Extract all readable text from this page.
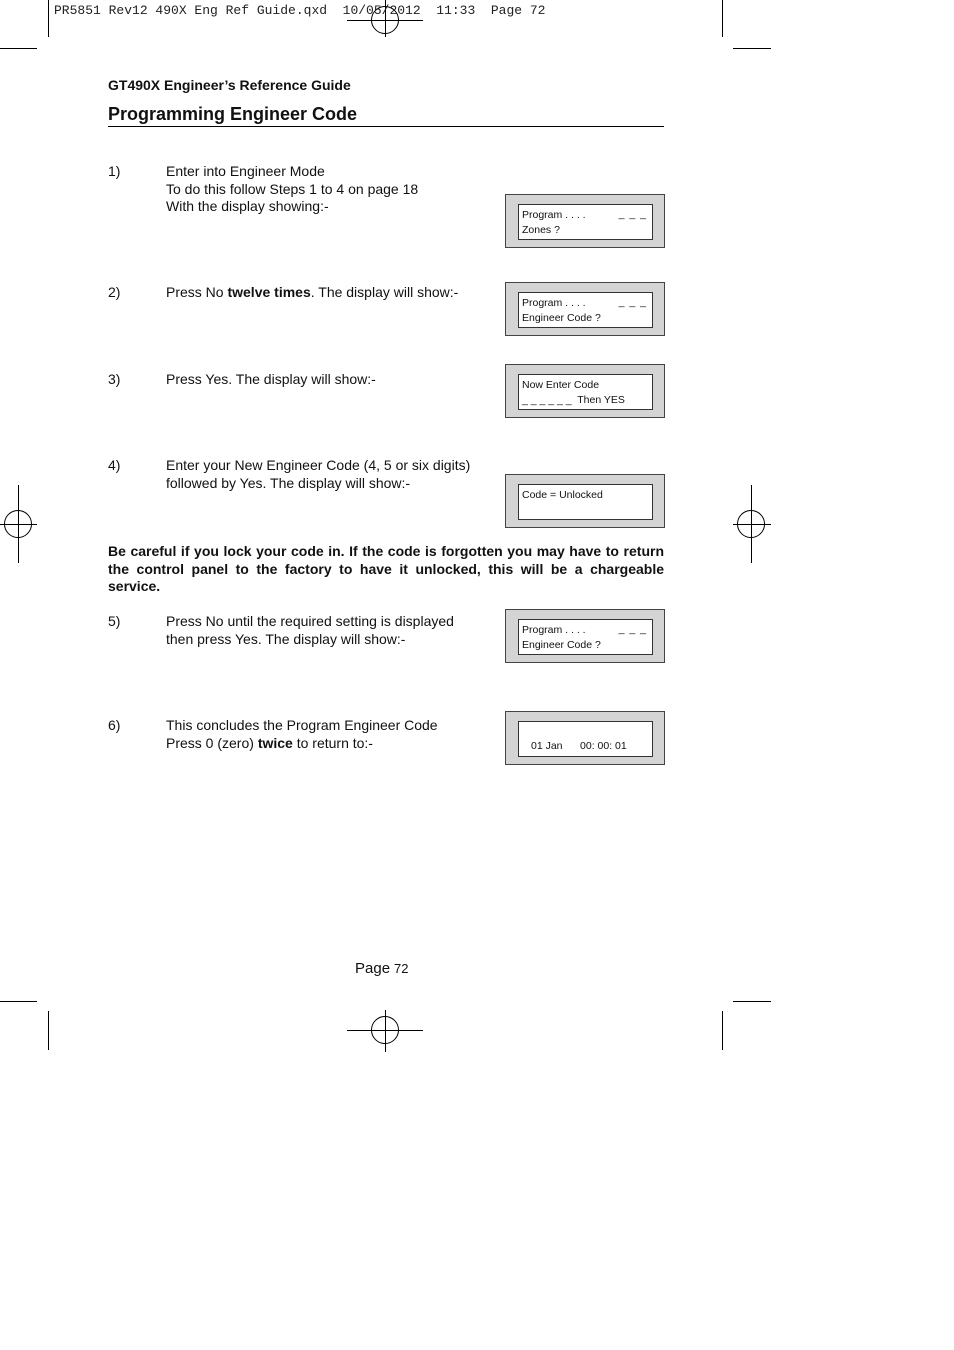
PR5851 Rev12 490X Eng Ref Guide.qxd  10/05/2012  11:33  Page 72
GT490X Engineer’s Reference Guide
Programming Engineer Code
1)	Enter into Engineer Mode
To do this follow Steps 1 to 4 on page 18
With the display showing:-
2)	Press No twelve times. The display will show:-
3)	Press Yes. The display will show:-
4)	Enter your New Engineer Code (4, 5 or six digits)
followed by Yes. The display will show:-
Be careful if you lock your code in. If the code is forgotten you may have to return the control panel to the factory to have it unlocked, this will be a chargeable service.
5)	Press No until the required setting is displayed
then press Yes. The display will show:-
6)	This concludes the Program Engineer Code
Press 0 (zero) twice to return to:-
Program . . . .	_ _ _
Zones ?
Program . . . .	_ _ _
Engineer Code ?
Now Enter Code
_ _ _ _ _ _  Then YES
Code = Unlocked
Program . . . .	_ _ _
Engineer Code ?
01 Jan      00: 00: 01
Page 72
